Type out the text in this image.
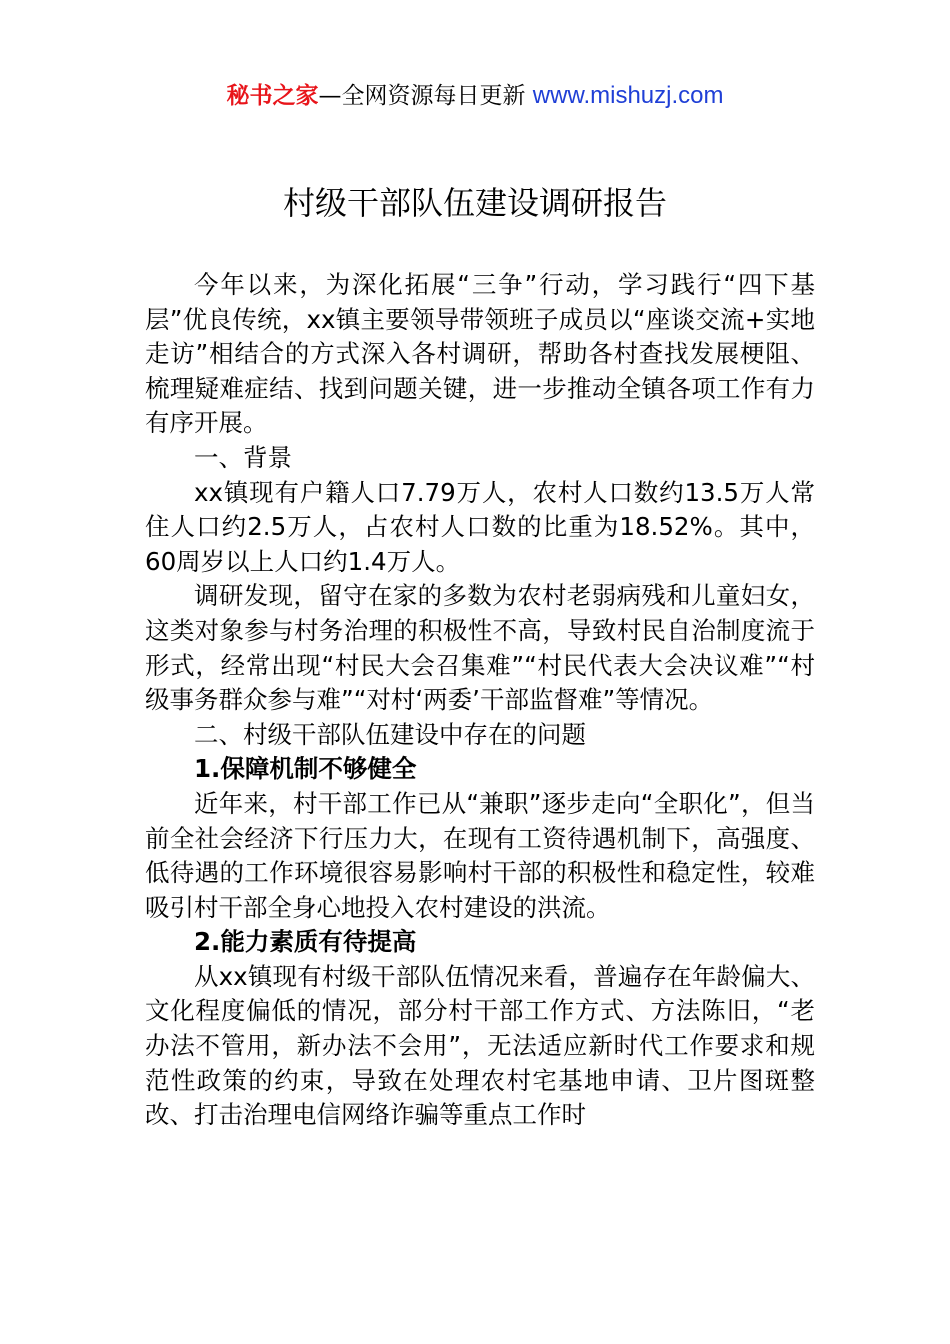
秘书之家—全网资源每日更新 www.mishuzj.com
村级干部队伍建设调研报告

今年以来，为深化拓展“三争”行动，学习践行“四下基层”优良传统，xx镇主要领导带领班子成员以“座谈交流+实地走访”相结合的方式深入各村调研，帮助各村查找发展梗阻、梳理疑难症结、找到问题关键，进一步推动全镇各项工作有力有序开展。

一、背景

xx镇现有户籍人口7.79万人，农村人口数约13.5万人常住人口约2.5万人，占农村人口数的比重为18.52%。其中，60周岁以上人口约1.4万人。

调研发现，留守在家的多数为农村老弱病残和儿童妇女，这类对象参与村务治理的积极性不高，导致村民自治制度流于形式，经常出现“村民大会召集难”“村民代表大会决议难”“村级事务群众参与难”“对村‘两委’干部监督难”等情况。

二、村级干部队伍建设中存在的问题

1.保障机制不够健全

近年来，村干部工作已从“兼职”逐步走向“全职化”，但当前全社会经济下行压力大，在现有工资待遇机制下，高强度、低待遇的工作环境很容易影响村干部的积极性和稳定性，较难吸引村干部全身心地投入农村建设的洪流。

2.能力素质有待提高

从xx镇现有村级干部队伍情况来看，普遍存在年龄偏大、文化程度偏低的情况，部分村干部工作方式、方法陈旧，“老办法不管用，新办法不会用”，无法适应新时代工作要求和规范性政策的约束，导致在处理农村宅基地申请、卫片图斑整改、打击治理电信网络诈骗等重点工作时
